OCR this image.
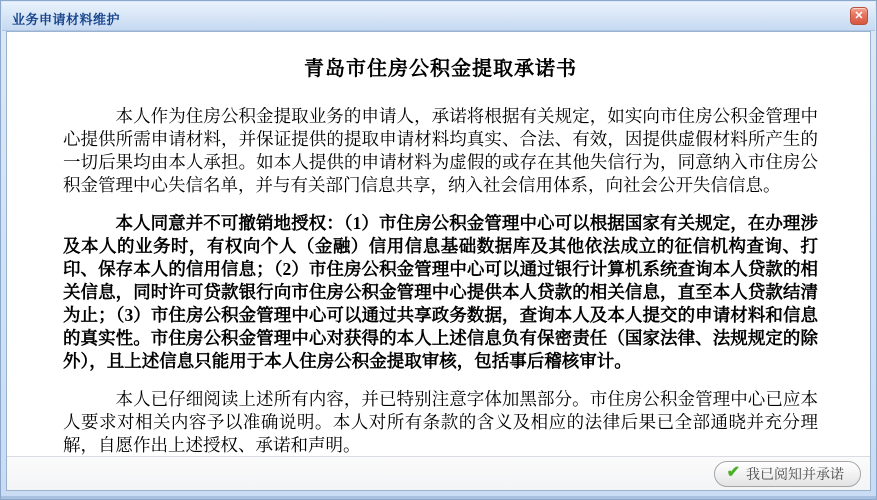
业务申请材料维护	✕
青岛市住房公积金提取承诺书

本人作为住房公积金提取业务的申请人，承诺将根据有关规定，如实向市住房公积金管理中心提供所需申请材料，并保证提供的提取申请材料均真实、合法、有效，因提供虚假材料所产生的一切后果均由本人承担。如本人提供的申请材料为虚假的或存在其他失信行为，同意纳入市住房公积金管理中心失信名单，并与有关部门信息共享，纳入社会信用体系，向社会公开失信信息。

本人同意并不可撤销地授权：（1）市住房公积金管理中心可以根据国家有关规定，在办理涉及本人的业务时，有权向个人（金融）信用信息基础数据库及其他依法成立的征信机构查询、打印、保存本人的信用信息；（2）市住房公积金管理中心可以通过银行计算机系统查询本人贷款的相关信息，同时许可贷款银行向市住房公积金管理中心提供本人贷款的相关信息，直至本人贷款结清为止；（3）市住房公积金管理中心可以通过共享政务数据，查询本人及本人提交的申请材料和信息的真实性。市住房公积金管理中心对获得的本人上述信息负有保密责任（国家法律、法规规定的除外），且上述信息只能用于本人住房公积金提取审核，包括事后稽核审计。

本人已仔细阅读上述所有内容，并已特别注意字体加黑部分。市住房公积金管理中心已应本人要求对相关内容予以准确说明。本人对所有条款的含义及相应的法律后果已全部通晓并充分理解，自愿作出上述授权、承诺和声明。

✔ 我已阅知并承诺
